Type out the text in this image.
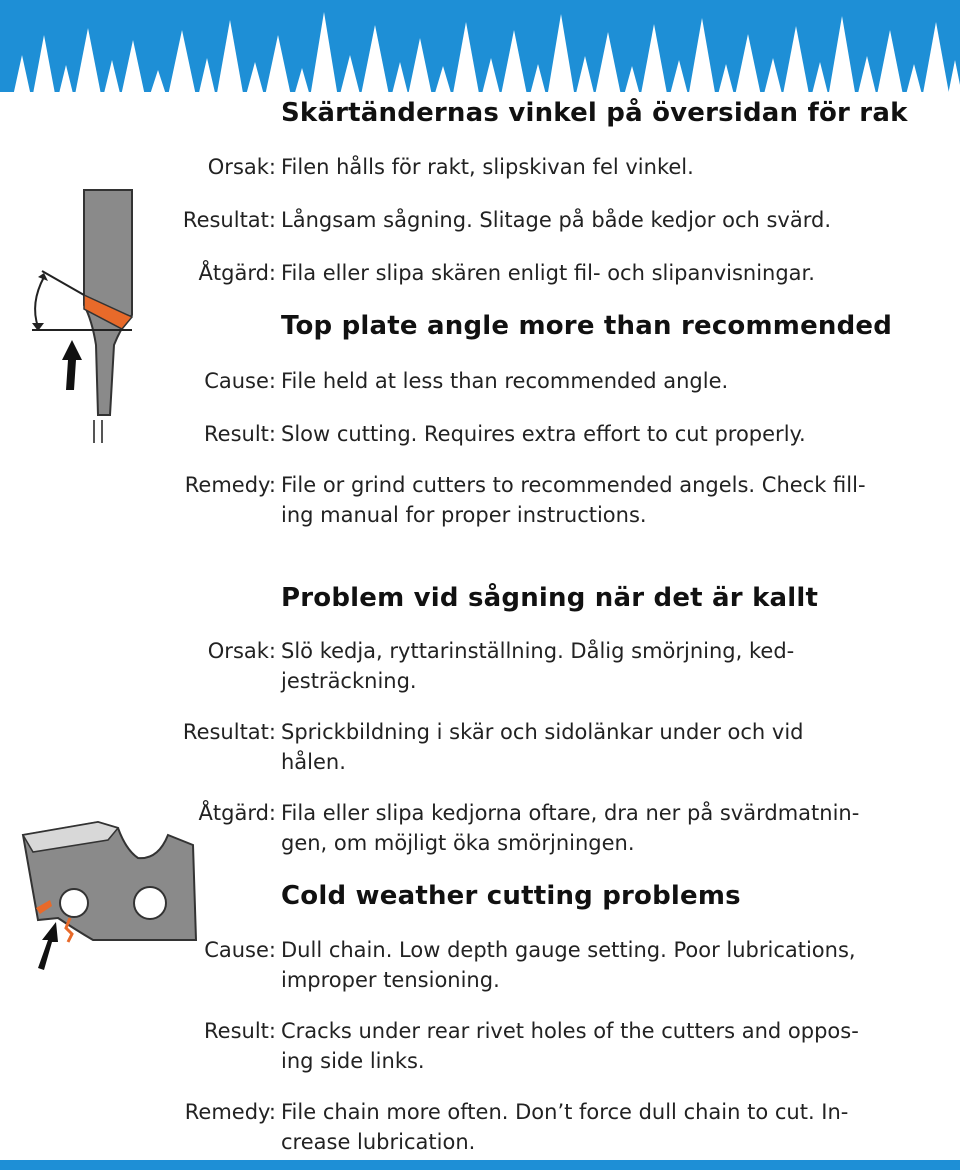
Skärtändernas vinkel på översidan för rak
Orsak: Filen hålls för rakt, slipskivan fel vinkel.
Resultat: Långsam sågning. Slitage på både kedjor och svärd.
Åtgärd: Fila eller slipa skären enligt fil- och slipanvisningar.
Top plate angle more than recommended
Cause: File held at less than recommended angle.
Result: Slow cutting. Requires extra effort to cut properly.
Remedy: File or grind cutters to recommended angels. Check fill-
ing manual for proper instructions.
Problem vid sågning när det är kallt
Orsak: Slö kedja, ryttarinställning. Dålig smörjning, ked-
jesträckning.
Resultat: Sprickbildning i skär och sidolänkar under och vid
hålen.
Åtgärd: Fila eller slipa kedjorna oftare, dra ner på svärdmatnin-
gen, om möjligt öka smörjningen.
Cold weather cutting problems
Cause: Dull chain. Low depth gauge setting. Poor lubrications,
improper tensioning.
Result: Cracks under rear rivet holes of the cutters and oppos-
ing side links.
Remedy: File chain more often. Don’t force dull chain to cut. In-
crease lubrication.
